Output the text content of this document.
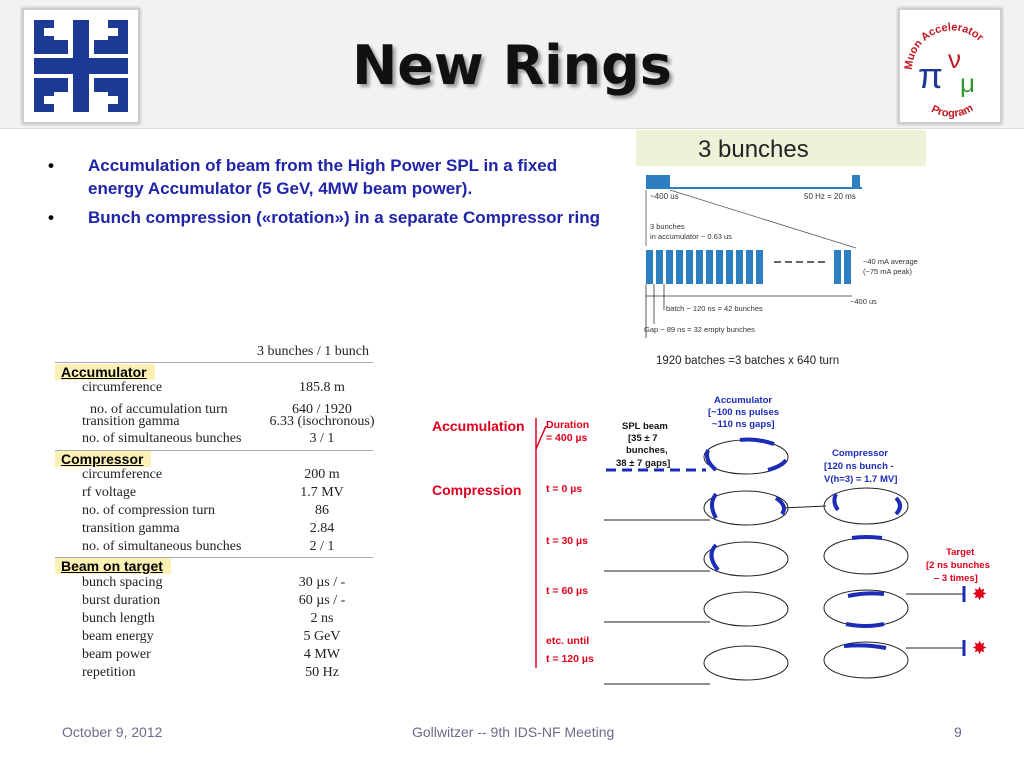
New Rings	Muon Accelerator
Program
π ν
μ
• Accumulation of beam from the High Power SPL in a fixed energy Accumulator (5 GeV, 4MW beam power).
• Bunch compression («rotation») in a separate Compressor ring
3 bunches / 1 bunch
Accumulator
circumference	185.8 m
no. of accumulation turn	640 / 1920
transition gamma	6.33 (isochronous)
no. of simultaneous bunches	3 / 1
Compressor
circumference	200 m
rf voltage	1.7 MV
no. of compression turn	86
transition gamma	2.84
no. of simultaneous bunches	2 / 1
Beam on target
bunch spacing	30 µs / -
burst duration	60 µs / -
bunch length	2 ns
beam energy	5 GeV
beam power	4 MW
repetition	50 Hz
3 bunches
~400 us	50 Hz = 20 ms
3 bunches
in accumulator ~ 0.63 us
~40 mA average
(~75 mA peak)
batch ~ 120 ns = 42 bunches
~400 us
Gap ~ 89 ns = 32 empty bunches
1920 batches =3 batches x 640 turn
Accumulation
Compression
Duration
= 400 µs
SPL beam
[35 ± 7
bunches,
38 ± 7 gaps]
Accumulator
[~100 ns pulses
~110 ns gaps]
Compressor
[120 ns bunch -
V(h=3) = 1.7 MV]
Target
[2 ns bunches
– 3 times]
t = 0 µs
t = 30 µs
t = 60 µs
etc. until
t = 120 µs
✸
✸
October 9, 2012	Gollwitzer -- 9th IDS-NF Meeting	9
